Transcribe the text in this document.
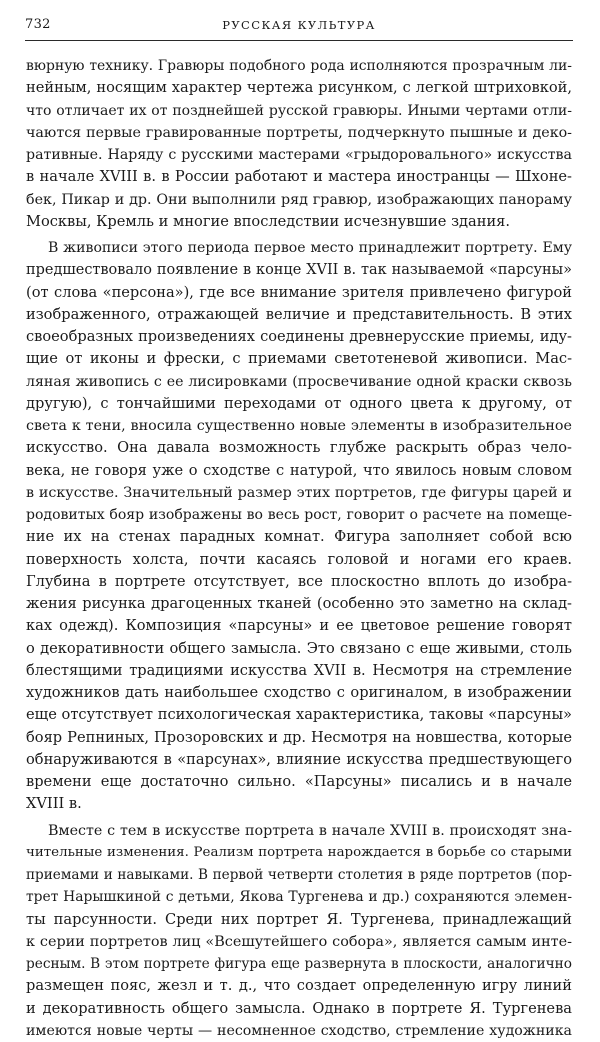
732	РУССКАЯ КУЛЬТУРА
вюрную технику. Гравюры подобного рода исполняются прозрачным ли-
нейным, носящим характер чертежа рисунком, с легкой штриховкой,
что отличает их от позднейшей русской гравюры. Иными чертами отли-
чаются первые гравированные портреты, подчеркнуто пышные и деко-
ративные. Наряду с русскими мастерами «грыдоровального» искусства
в начале XVIII в. в России работают и мастера иностранцы — Шхоне-
бек, Пикар и др. Они выполнили ряд гравюр, изображающих панораму
Москвы, Кремль и многие впоследствии исчезнувшие здания.
В живописи этого периода первое место принадлежит портрету. Ему
предшествовало появление в конце XVII в. так называемой «парсуны»
(от слова «персона»), где все внимание зрителя привлечено фигурой
изображенного, отражающей величие и представительность. В этих
своеобразных произведениях соединены древнерусские приемы, иду-
щие от иконы и фрески, с приемами светотеневой живописи. Мас-
ляная живопись с ее лисировками (просвечивание одной краски сквозь
другую), с тончайшими переходами от одного цвета к другому, от
света к тени, вносила существенно новые элементы в изобразительное
искусство. Она давала возможность глубже раскрыть образ чело-
века, не говоря уже о сходстве с натурой, что явилось новым словом
в искусстве. Значительный размер этих портретов, где фигуры царей и
родовитых бояр изображены во весь рост, говорит о расчете на помеще-
ние их на стенах парадных комнат. Фигура заполняет собой всю
поверхность холста, почти касаясь головой и ногами его краев.
Глубина в портрете отсутствует, все плоскостно вплоть до изобра-
жения рисунка драгоценных тканей (особенно это заметно на склад-
ках одежд). Композиция «парсуны» и ее цветовое решение говорят
о декоративности общего замысла. Это связано с еще живыми, столь
блестящими традициями искусства XVII в. Несмотря на стремление
художников дать наибольшее сходство с оригиналом, в изображении
еще отсутствует психологическая характеристика, таковы «парсуны»
бояр Репниных, Прозоровских и др. Несмотря на новшества, которые
обнаруживаются в «парсунах», влияние искусства предшествующего
времени еще достаточно сильно. «Парсуны» писались и в начале
XVIII в.
Вместе с тем в искусстве портрета в начале XVIII в. происходят зна-
чительные изменения. Реализм портрета нарождается в борьбе со старыми
приемами и навыками. В первой четверти столетия в ряде портретов (пор-
трет Нарышкиной с детьми, Якова Тургенева и др.) сохраняются элемен-
ты парсунности. Среди них портрет Я. Тургенева, принадлежащий
к серии портретов лиц «Всешутейшего собора», является самым инте-
ресным. В этом портрете фигура еще развернута в плоскости, аналогично
размещен пояс, жезл и т. д., что создает определенную игру линий
и декоративность общего замысла. Однако в портрете Я. Тургенева
имеются новые черты — несомненное сходство, стремление художника
